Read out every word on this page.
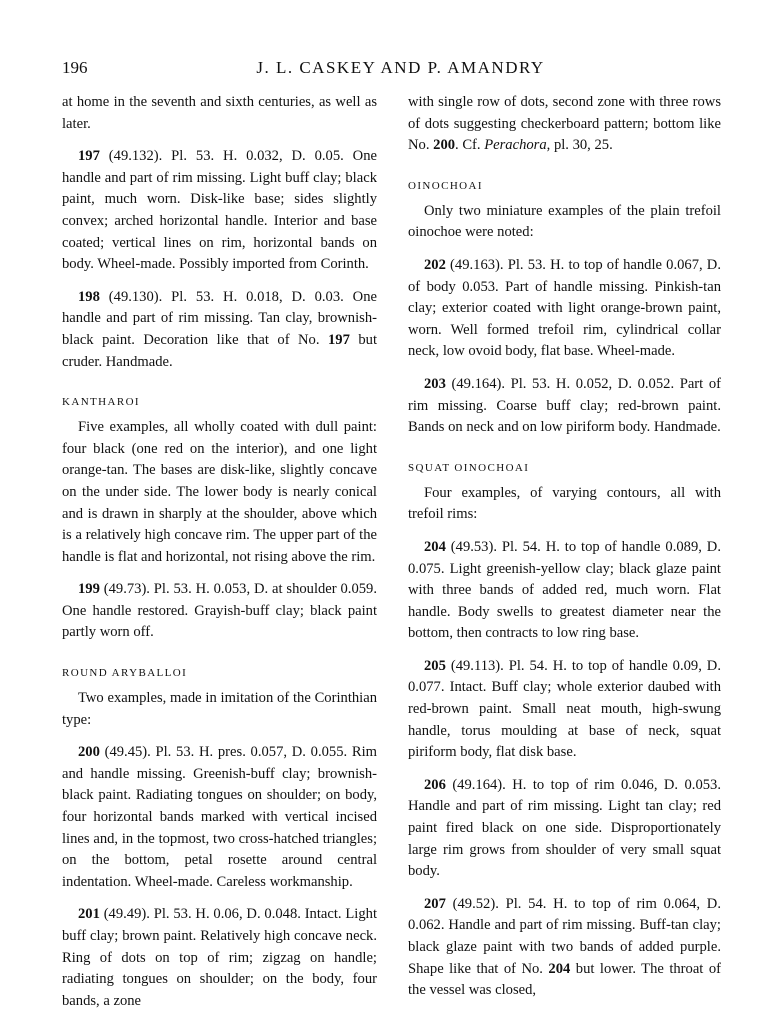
196	J. L. CASKEY AND P. AMANDRY

at home in the seventh and sixth centuries, as well as later.

197 (49.132). Pl. 53. H. 0.032, D. 0.05. One handle and part of rim missing. Light buff clay; black paint, much worn. Disk-like base; sides slightly convex; arched horizontal handle. Interior and base coated; vertical lines on rim, horizontal bands on body. Wheel-made. Possibly imported from Corinth.

198 (49.130). Pl. 53. H. 0.018, D. 0.03. One handle and part of rim missing. Tan clay, brownish-black paint. Decoration like that of No. 197 but cruder. Handmade.

KANTHAROI

Five examples, all wholly coated with dull paint: four black (one red on the interior), and one light orange-tan. The bases are disk-like, slightly concave on the under side. The lower body is nearly conical and is drawn in sharply at the shoulder, above which is a relatively high concave rim. The upper part of the handle is flat and horizontal, not rising above the rim.

199 (49.73). Pl. 53. H. 0.053, D. at shoulder 0.059. One handle restored. Grayish-buff clay; black paint partly worn off.

ROUND ARYBALLOI

Two examples, made in imitation of the Corinthian type:

200 (49.45). Pl. 53. H. pres. 0.057, D. 0.055. Rim and handle missing. Greenish-buff clay; brownish-black paint. Radiating tongues on shoulder; on body, four horizontal bands marked with vertical incised lines and, in the topmost, two cross-hatched triangles; on the bottom, petal rosette around central indentation. Wheel-made. Careless workmanship.

201 (49.49). Pl. 53. H. 0.06, D. 0.048. Intact. Light buff clay; brown paint. Relatively high concave neck. Ring of dots on top of rim; zigzag on handle; radiating tongues on shoulder; on the body, four bands, a zone

with single row of dots, second zone with three rows of dots suggesting checkerboard pattern; bottom like No. 200. Cf. Perachora, pl. 30, 25.

OINOCHOAI

Only two miniature examples of the plain trefoil oinochoe were noted:

202 (49.163). Pl. 53. H. to top of handle 0.067, D. of body 0.053. Part of handle missing. Pinkish-tan clay; exterior coated with light orange-brown paint, worn. Well formed trefoil rim, cylindrical collar neck, low ovoid body, flat base. Wheel-made.

203 (49.164). Pl. 53. H. 0.052, D. 0.052. Part of rim missing. Coarse buff clay; red-brown paint. Bands on neck and on low piriform body. Handmade.

SQUAT OINOCHOAI

Four examples, of varying contours, all with trefoil rims:

204 (49.53). Pl. 54. H. to top of handle 0.089, D. 0.075. Light greenish-yellow clay; black glaze paint with three bands of added red, much worn. Flat handle. Body swells to greatest diameter near the bottom, then contracts to low ring base.

205 (49.113). Pl. 54. H. to top of handle 0.09, D. 0.077. Intact. Buff clay; whole exterior daubed with red-brown paint. Small neat mouth, high-swung handle, torus moulding at base of neck, squat piriform body, flat disk base.

206 (49.164). H. to top of rim 0.046, D. 0.053. Handle and part of rim missing. Light tan clay; red paint fired black on one side. Disproportionately large rim grows from shoulder of very small squat body.

207 (49.52). Pl. 54. H. to top of rim 0.064, D. 0.062. Handle and part of rim missing. Buff-tan clay; black glaze paint with two bands of added purple. Shape like that of No. 204 but lower. The throat of the vessel was closed,
